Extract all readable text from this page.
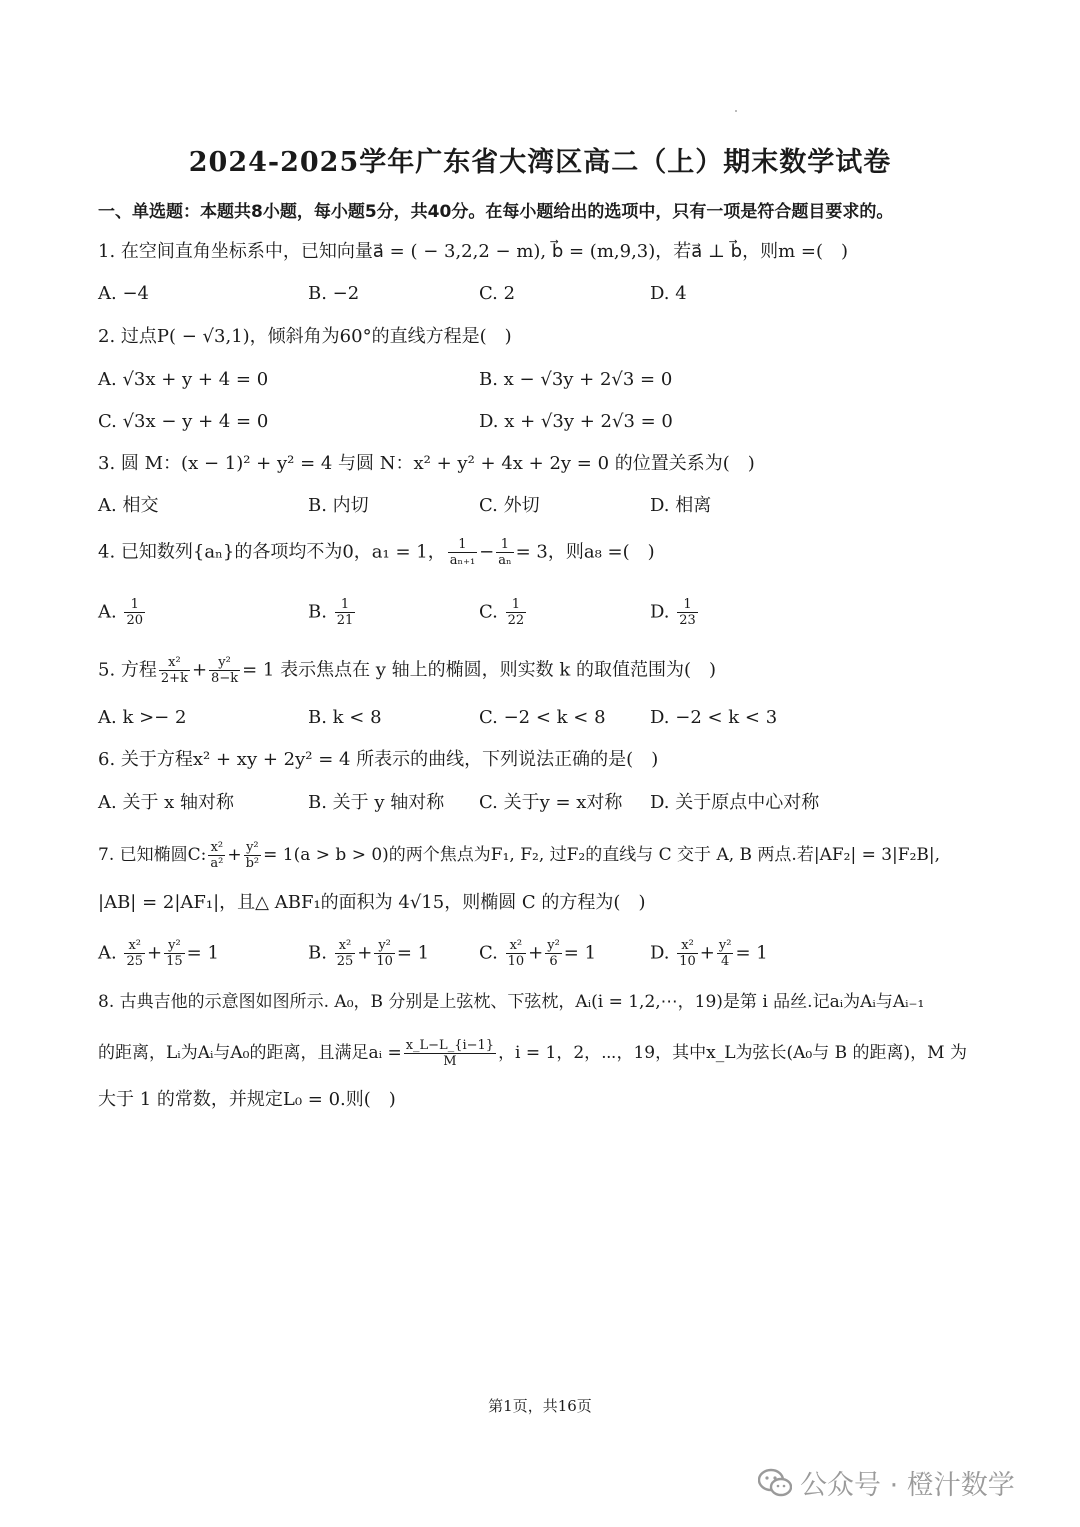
2024-2025学年广东省大湾区高二（上）期末数学试卷
一、单选题：本题共8小题，每小题5分，共40分。在每小题给出的选项中，只有一项是符合题目要求的。
1. 在空间直角坐标系中，已知向量a⃗ = ( − 3,2,2 − m), b⃗ = (m,9,3)，若a⃗ ⊥ b⃗，则m =(　)
A. −4	B. −2	C. 2	D. 4
2. 过点P( − √3,1)，倾斜角为60°的直线方程是(　)
A. √3x + y + 4 = 0	B. x − √3y + 2√3 = 0
C. √3x − y + 4 = 0	D. x + √3y + 2√3 = 0
3. 圆 M：(x − 1)² + y² = 4 与圆 N：x² + y² + 4x + 2y = 0 的位置关系为(　)
A. 相交	B. 内切	C. 外切	D. 相离
4. 已知数列{aₙ}的各项均不为0，a₁ = 1， $\frac{1}{\text{aₙ₊₁}} - \frac{1}{\text{aₙ}} = 3$，则a₈ =(　)
A. $\frac{1}{20}$	B. $\frac{1}{21}$	C. $\frac{1}{22}$	D. $\frac{1}{23}$
5. 方程 $\frac{\text{x²}}{2+k} + \frac{\text{y²}}{8-k} = 1$ 表示焦点在 y 轴上的椭圆，则实数 k 的取值范围为(　)
A. k >− 2	B. k < 8	C. −2 < k < 8 D. −2 < k < 3
6. 关于方程x² + xy + 2y² = 4 所表示的曲线，下列说法正确的是(　)
A. 关于 x 轴对称	B. 关于 y 轴对称 C. 关于y = x对称 D. 关于原点中心对称
7. 已知椭圆C: $\frac{\text{x²}}{\text{a²}} + \frac{\text{y²}}{\text{b²}} = 1(a > b > 0)$的两个焦点为F₁, F₂, 过F₂的直线与 C 交于 A, B 两点.若|AF₂| = 3|F₂B|,
|AB| = 2|AF₁|，且△ ABF₁的面积为 4√15，则椭圆 C 的方程为(　)
A. $\frac{\text{x²}}{25} + \frac{\text{y²}}{15} = 1$	B. $\frac{\text{x²}}{25} + \frac{\text{y²}}{10} = 1$	C. $\frac{\text{x²}}{10} + \frac{\text{y²}}{6} = 1$	D. $\frac{\text{x²}}{10} + \frac{\text{y²}}{4} = 1$
8. 古典吉他的示意图如图所示. A₀，B 分别是上弦枕、下弦枕，Aᵢ(i = 1,2,⋯，19)是第 i 品丝.记aᵢ为Aᵢ与Aᵢ₋₁
的距离，Lᵢ为Aᵢ与A₀的距离，且满足aᵢ = $\frac{x\_L-L\_\{i-1\}}{M}$ ，i = 1，2，⋯，19，其中x_L为弦长(A₀与 B 的距离)，M 为
大于 1 的常数，并规定L₀ = 0.则(　)
第1页，共16页
公众号 · 橙汁数学
